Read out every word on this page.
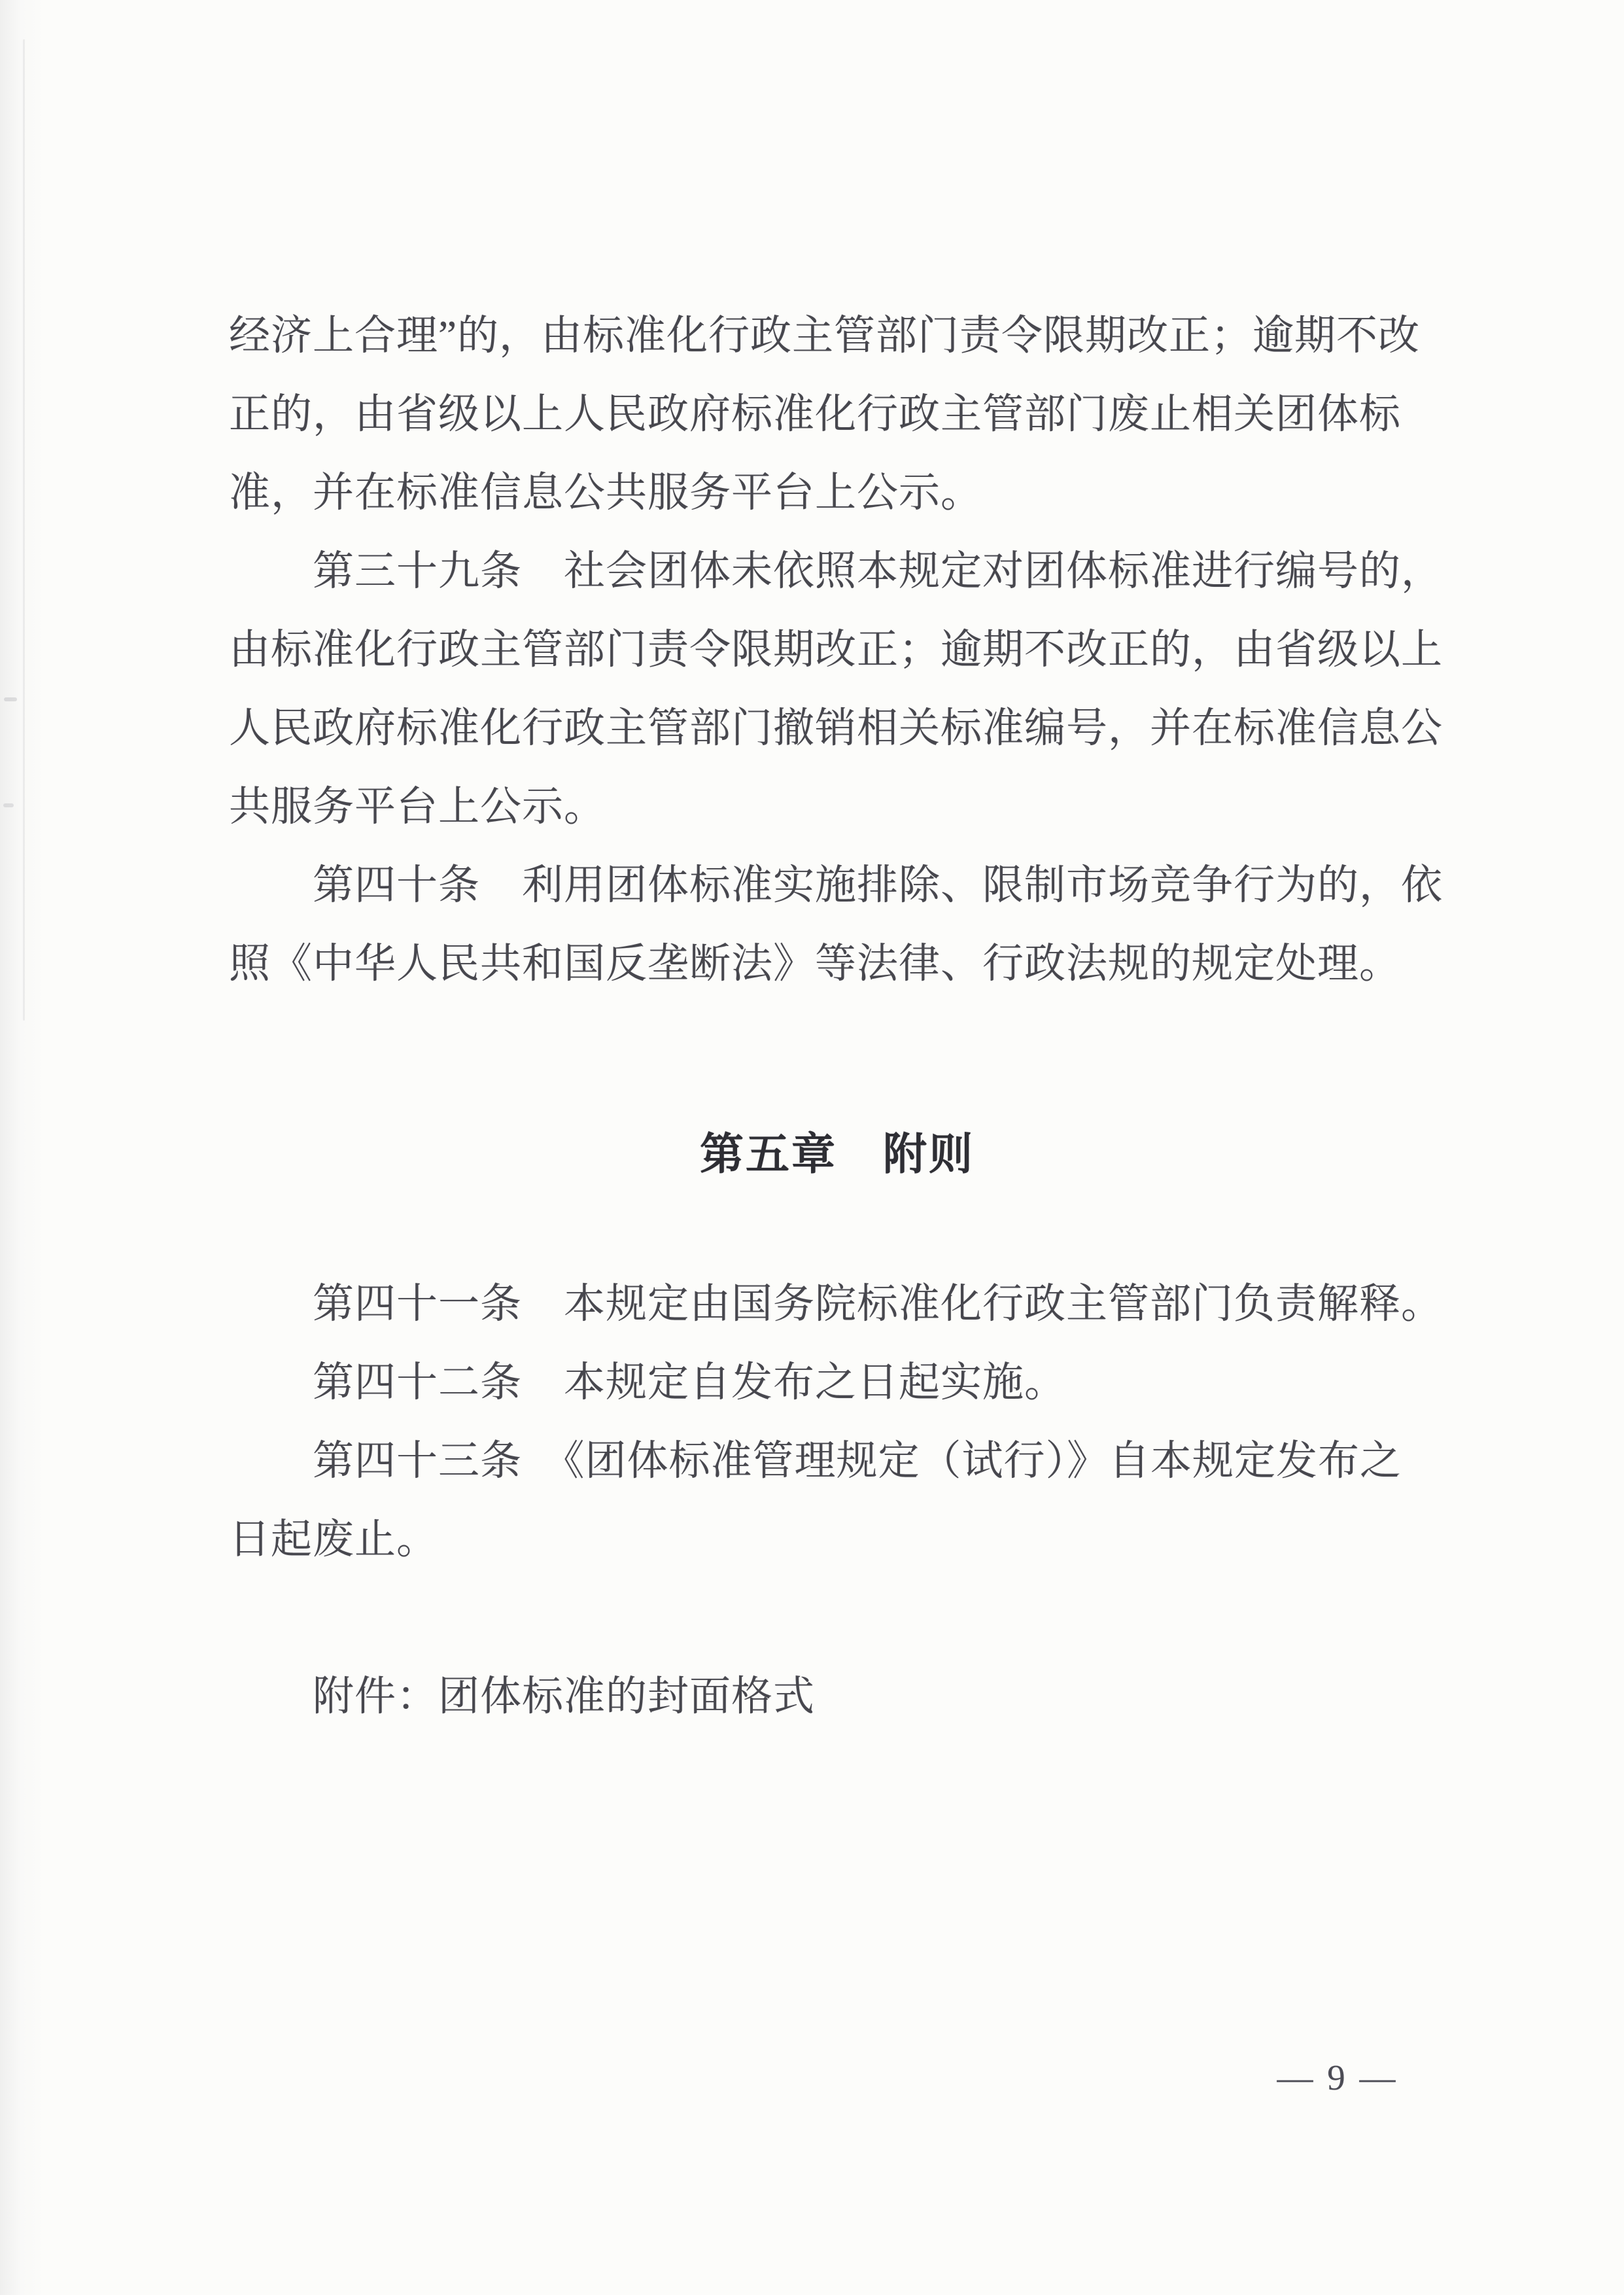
经济上合理”的，由标准化行政主管部门责令限期改正；逾期不改
正的，由省级以上人民政府标准化行政主管部门废止相关团体标
准，并在标准信息公共服务平台上公示。
第三十九条　社会团体未依照本规定对团体标准进行编号的，
由标准化行政主管部门责令限期改正；逾期不改正的，由省级以上
人民政府标准化行政主管部门撤销相关标准编号，并在标准信息公
共服务平台上公示。
第四十条　利用团体标准实施排除、限制市场竞争行为的，依
照《中华人民共和国反垄断法》等法律、行政法规的规定处理。
第五章　附则
第四十一条　本规定由国务院标准化行政主管部门负责解释。
第四十二条　本规定自发布之日起实施。
第四十三条　《团体标准管理规定（试行）》自本规定发布之
日起废止。
附件：团体标准的封面格式
— 9 —
